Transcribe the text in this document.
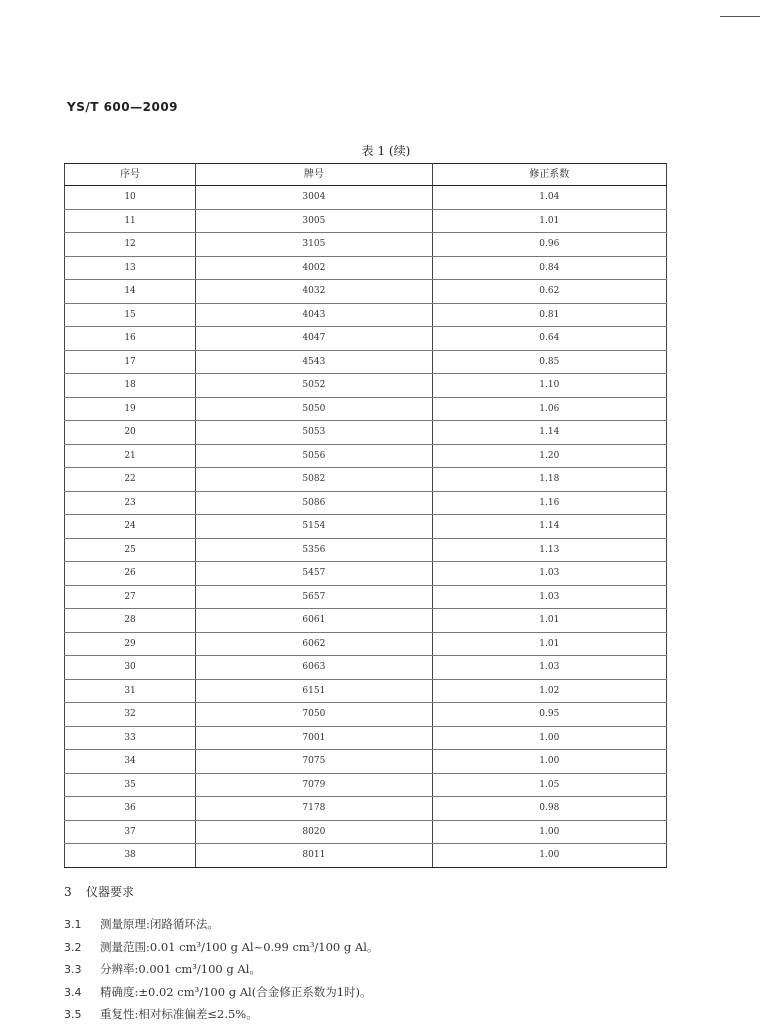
YS/T 600—2009
表 1 (续)
序号	牌号	修正系数
10	3004	1.04
11	3005	1.01
12	3105	0.96
13	4002	0.84
14	4032	0.62
15	4043	0.81
16	4047	0.64
17	4543	0.85
18	5052	1.10
19	5050	1.06
20	5053	1.14
21	5056	1.20
22	5082	1.18
23	5086	1.16
24	5154	1.14
25	5356	1.13
26	5457	1.03
27	5657	1.03
28	6061	1.01
29	6062	1.01
30	6063	1.03
31	6151	1.02
32	7050	0.95
33	7001	1.00
34	7075	1.00
35	7079	1.05
36	7178	0.98
37	8020	1.00
38	8011	1.00
3 仪器要求
3.1 测量原理:闭路循环法。
3.2 测量范围:0.01 cm³/100 g Al~0.99 cm³/100 g Al。
3.3 分辨率:0.001 cm³/100 g Al。
3.4 精确度:±0.02 cm³/100 g Al(合金修正系数为1时)。
3.5 重复性:相对标准偏差≤2.5%。
